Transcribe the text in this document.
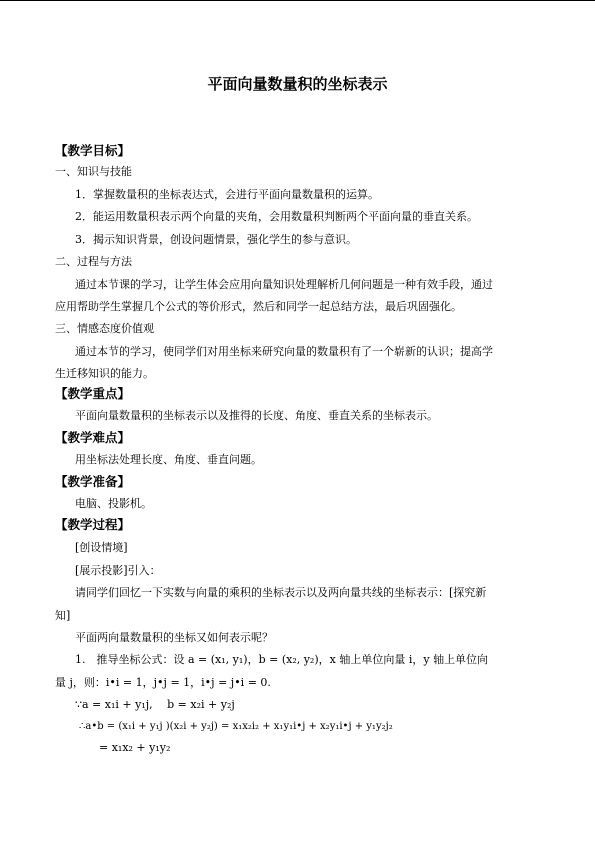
平面向量数量积的坐标表示
【教学目标】
一、知识与技能
1．掌握数量积的坐标表达式，会进行平面向量数量积的运算。
2．能运用数量积表示两个向量的夹角，会用数量积判断两个平面向量的垂直关系。
3．揭示知识背景，创设问题情景，强化学生的参与意识。
二、过程与方法
通过本节课的学习，让学生体会应用向量知识处理解析几何问题是一种有效手段，通过
应用帮助学生掌握几个公式的等价形式，然后和同学一起总结方法，最后巩固强化。
三、情感态度价值观
通过本节的学习，使同学们对用坐标来研究向量的数量积有了一个崭新的认识；提高学
生迁移知识的能力。
【教学重点】
平面向量数量积的坐标表示以及推得的长度、角度、垂直关系的坐标表示。
【教学难点】
用坐标法处理长度、角度、垂直问题。
【教学准备】
电脑、投影机。
【教学过程】
[创设情境]
[展示投影]引入：
请同学们回忆一下实数与向量的乘积的坐标表示以及两向量共线的坐标表示：[探究新
知]
平面两向量数量积的坐标又如何表示呢？
1.　推导坐标公式：设 a = (x₁, y₁)，b = (x₂, y₂)，x 轴上单位向量 i，y 轴上单位向
量 j，则：i•i = 1，j•j = 1，i•j = j•i = 0.
∵a = x₁i + y₁j,　 b = x₂i + y₂j
∴a•b = (x₁i + y₁j )(x₂i + y₂j) = x₁x₂i₂ + x₁y₁i•j + x₂y₁i•j + y₁y₂j₂
= x₁x₂ + y₁y₂
